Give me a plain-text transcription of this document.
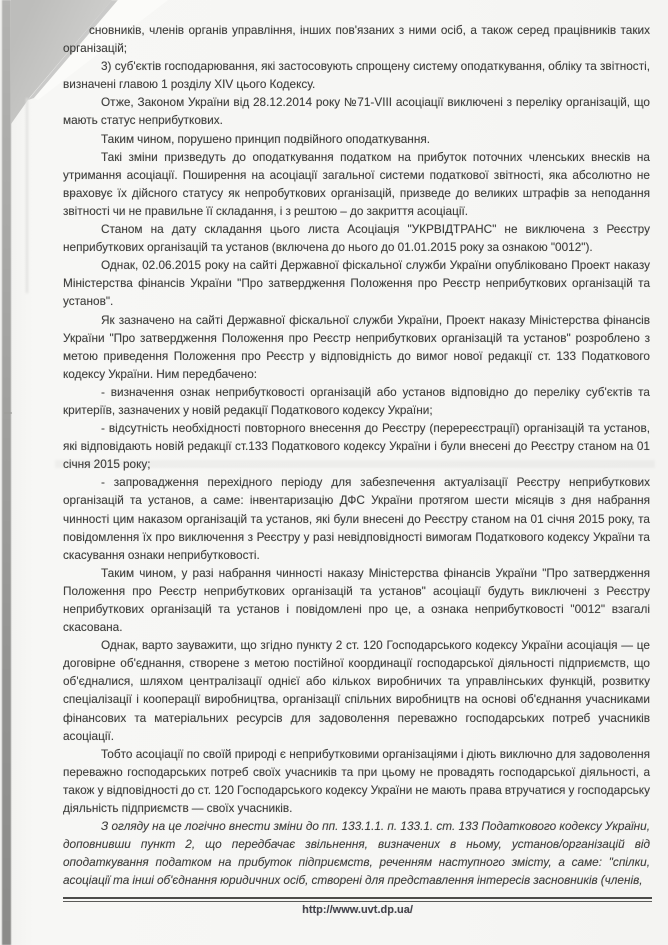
сновників, членів органів управління, інших пов'язаних з ними осіб, а також серед працівників таких організацій;

3) суб'єктів господарювання, які застосовують спрощену систему оподаткування, обліку та звітності, визначені главою 1 розділу XIV цього Кодексу.

Отже, Законом України від 28.12.2014 року №71-VIII асоціації виключені з переліку організацій, що мають статус неприбуткових.

Таким чином, порушено принцип подвійного оподаткування.

Такі зміни призведуть до оподаткування податком на прибуток поточних членських внесків на утримання асоціації. Поширення на асоціації загальної системи податкової звітності, яка абсолютно не враховує їх дійсного статусу як непробуткових організацій, призведе до великих штрафів за неподання звітності чи не правильне її складання, і з рештою – до закриття асоціації.

Станом на дату складання цього листа Асоціація "УКРВІДТРАНС" не виключена з Реєстру неприбуткових організацій та установ (включена до нього до 01.01.2015 року за ознакою "0012").

Однак, 02.06.2015 року на сайті Державної фіскальної служби України опубліковано Проект наказу Міністерства фінансів України "Про затвердження Положення про Реєстр неприбуткових організацій та установ".

Як зазначено на сайті Державної фіскальної служби України, Проект наказу Міністерства фінансів України "Про затвердження Положення про Реєстр неприбуткових організацій та установ" розроблено з метою приведення Положення про Реєстр у відповідність до вимог нової редакції ст. 133 Податкового кодексу України. Ним передбачено:

- визначення ознак неприбутковості організацій або установ відповідно до переліку суб'єктів та критеріїв, зазначених у новій редакції Податкового кодексу України;

- відсутність необхідності повторного внесення до Реєстру (перереєстрації) організацій та установ, які відповідають новій редакції ст.133 Податкового кодексу України і були внесені до Реєстру станом на 01 січня 2015 року;

- запровадження перехідного періоду для забезпечення актуалізації Реєстру неприбуткових організацій та установ, а саме: інвентаризацію ДФС України протягом шести місяців з дня набрання чинності цим наказом організацій та установ, які були внесені до Реєстру станом на 01 січня 2015 року, та повідомлення їх про виключення з Реєстру у разі невідповідності вимогам Податкового кодексу України та скасування ознаки неприбутковості.

Таким чином, у разі набрання чинності наказу Міністерства фінансів України "Про затвердження Положення про Реєстр неприбуткових організацій та установ" асоціації будуть виключені з Реєстру неприбуткових організацій та установ і повідомлені про це, а ознака неприбутковості "0012" взагалі скасована.

Однак, варто зауважити, що згідно пункту 2 ст. 120 Господарського кодексу України асоціація — це договірне об'єднання, створене з метою постійної координації господарської діяльності підприємств, що об'єдналися, шляхом централізації однієї або кількох виробничих та управлінських функцій, розвитку спеціалізації і кооперації виробництва, організації спільних виробництв на основі об'єднання учасниками фінансових та матеріальних ресурсів для задоволення переважно господарських потреб учасників асоціації.

Тобто асоціації по своїй природі є неприбутковими організаціями і діють виключно для задоволення переважно господарських потреб своїх учасників та при цьому не провадять господарської діяльності, а також у відповідності до ст. 120 Господарського кодексу України не мають права втручатися у господарську діяльність підприємств — своїх учасників.

З огляду на це логічно внести зміни до пп. 133.1.1. п. 133.1. ст. 133 Податкового кодексу України, доповнивши пункт 2, що передбачає звільнення, визначених в ньому, установ/організацій від оподаткування податком на прибуток підприємств, реченням наступного змісту, а саме: "спілки, асоціації та інші об'єднання юридичних осіб, створені для представлення інтересів засновників (членів,

http://www.uvt.dp.ua/
